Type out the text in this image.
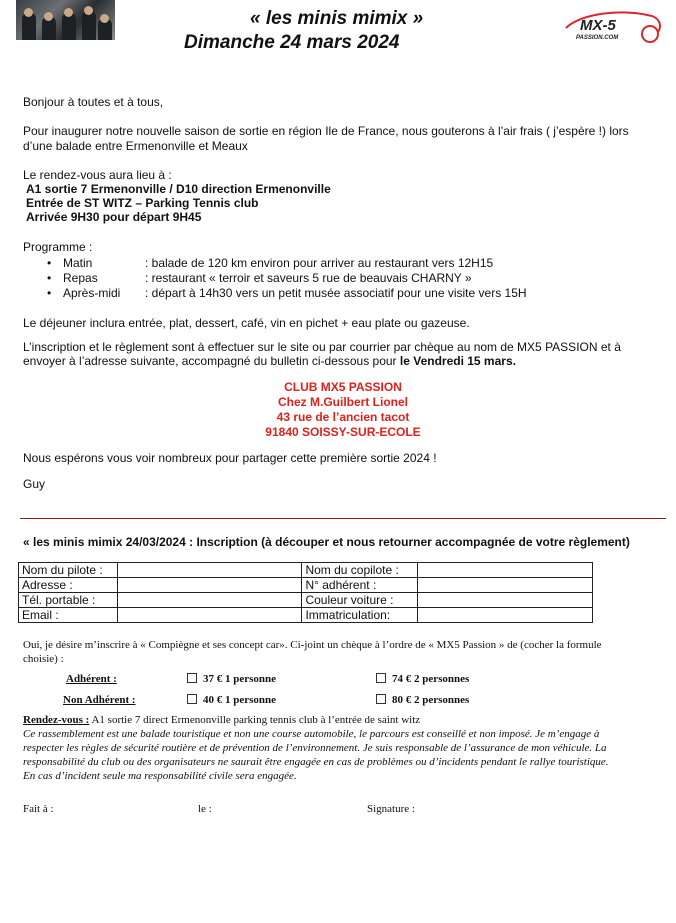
« les minis mimix »
Dimanche 24 mars 2024
MX-5
PASSION.COM
Bonjour à toutes et à tous,
Pour inaugurer notre nouvelle saison de sortie en région Ile de France, nous gouterons à l’air frais ( j’espère !) lors
d’une balade entre Ermenonville et Meaux
Le rendez-vous aura lieu à :
A1 sortie 7 Ermenonville / D10 direction Ermenonville
Entrée de ST WITZ – Parking Tennis club
Arrivée 9H30 pour départ 9H45
Programme :
• Matin	: balade de 120 km environ pour arriver au restaurant vers 12H15
• Repas	: restaurant « terroir et saveurs 5 rue de beauvais CHARNY »
• Après-midi : départ à 14h30 vers un petit musée associatif pour une visite vers 15H
Le déjeuner inclura entrée, plat, dessert, café, vin en pichet + eau plate ou gazeuse.
L’inscription et le règlement sont à effectuer sur le site ou par courrier par chèque au nom de MX5 PASSION et à
envoyer à l’adresse suivante, accompagné du bulletin ci-dessous pour le Vendredi 15 mars.
CLUB MX5 PASSION
Chez M.Guilbert Lionel
43 rue de l’ancien tacot
91840 SOISSY-SUR-ECOLE
Nous espérons vous voir nombreux pour partager cette première sortie 2024 !
Guy
« les minis mimix 24/03/2024 : Inscription (à découper et nous retourner accompagnée de votre règlement)
Nom du pilote :		Nom du copilote :	
Adresse :		N° adhérent :	
Tél. portable :		Couleur voiture :	
Email :		Immatriculation:	
Oui, je désire m’inscrire à « Compiègne et ses concept car». Ci-joint un chèque à l’ordre de « MX5 Passion » de (cocher la formule
choisie) :
Adhérent :	37 € 1 personne	74 € 2 personnes
Non Adhérent :	40 € 1 personne	80 € 2 personnes
Rendez-vous : A1 sortie 7 direct Ermenonville parking tennis club à l’entrée de saint witz
Ce rassemblement est une balade touristique et non une course automobile, le parcours est conseillé et non imposé. Je m’engage à
respecter les règles de sécurité routière et de prévention de l’environnement. Je suis responsable de l’assurance de mon véhicule. La
responsabilité du club ou des organisateurs ne saurait être engagée en cas de problèmes ou d’incidents pendant le rallye touristique.
En cas d’incident seule ma responsabilité civile sera engagée.
Fait à :	le :	Signature :
